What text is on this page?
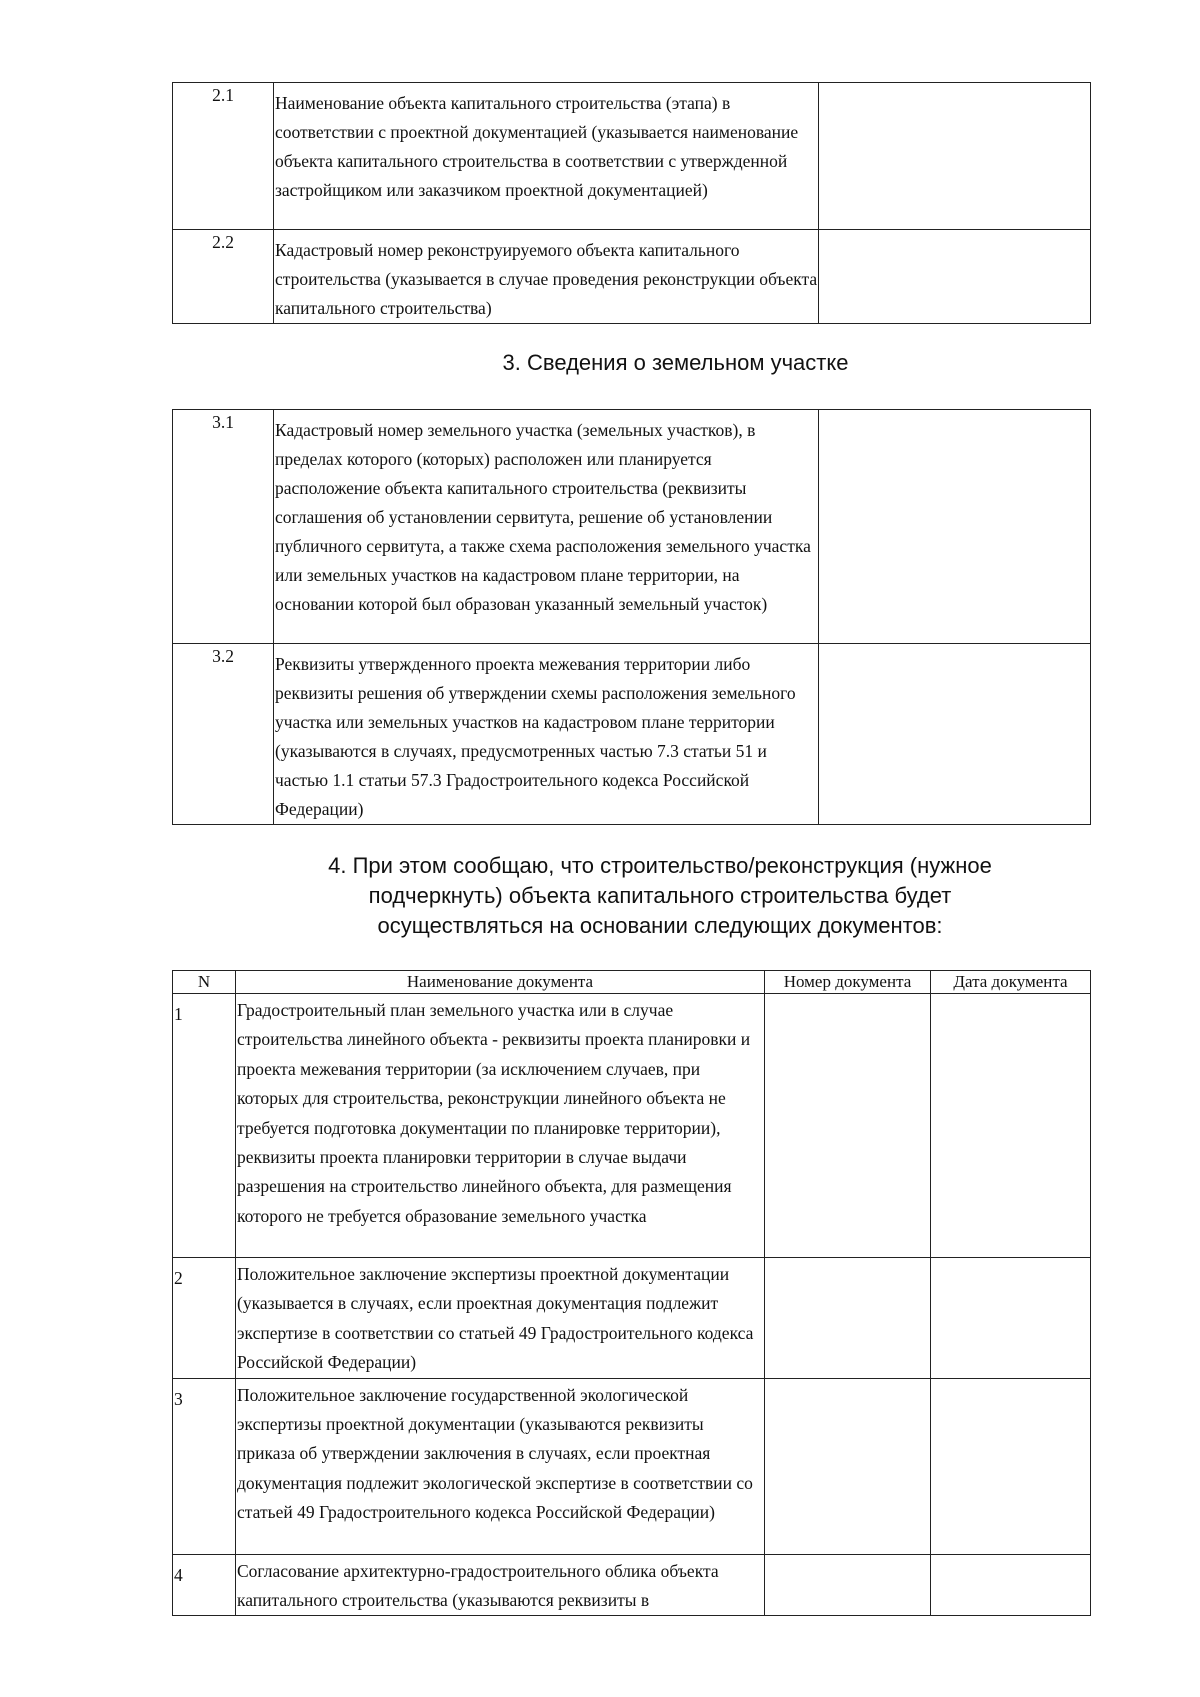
2.1	Наименование объекта капитального строительства (этапа) в соответствии с проектной документацией (указывается наименование объекта капитального строительства в соответствии с утвержденной застройщиком или заказчиком проектной документацией)	
2.2	Кадастровый номер реконструируемого объекта капитального строительства (указывается в случае проведения реконструкции объекта капитального строительства)	
3. Сведения о земельном участке
3.1	Кадастровый номер земельного участка (земельных участков), в пределах которого (которых) расположен или планируется расположение объекта капитального строительства (реквизиты соглашения об установлении сервитута, решение об установлении публичного сервитута, а также схема расположения земельного участка или земельных участков на кадастровом плане территории, на основании которой был образован указанный земельный участок)	
3.2	Реквизиты утвержденного проекта межевания территории либо реквизиты решения об утверждении схемы расположения земельного участка или земельных участков на кадастровом плане территории (указываются в случаях, предусмотренных частью 7.3 статьи 51 и частью 1.1 статьи 57.3 Градостроительного кодекса Российской Федерации)	
4. При этом сообщаю, что строительство/реконструкция (нужное подчеркнуть) объекта капитального строительства будет осуществляться на основании следующих документов:
N	Наименование документа	Номер документа	Дата документа
1	Градостроительный план земельного участка или в случае строительства линейного объекта - реквизиты проекта планировки и проекта межевания территории (за исключением случаев, при которых для строительства, реконструкции линейного объекта не требуется подготовка документации по планировке территории), реквизиты проекта планировки территории в случае выдачи разрешения на строительство линейного объекта, для размещения которого не требуется образование земельного участка		
2	Положительное заключение экспертизы проектной документации (указывается в случаях, если проектная документация подлежит экспертизе в соответствии со статьей 49 Градостроительного кодекса Российской Федерации)		
3	Положительное заключение государственной экологической экспертизы проектной документации (указываются реквизиты приказа об утверждении заключения в случаях, если проектная документация подлежит экологической экспертизе в соответствии со статьей 49 Градостроительного кодекса Российской Федерации)		
4	Согласование архитектурно-градостроительного облика объекта капитального строительства (указываются реквизиты в		
